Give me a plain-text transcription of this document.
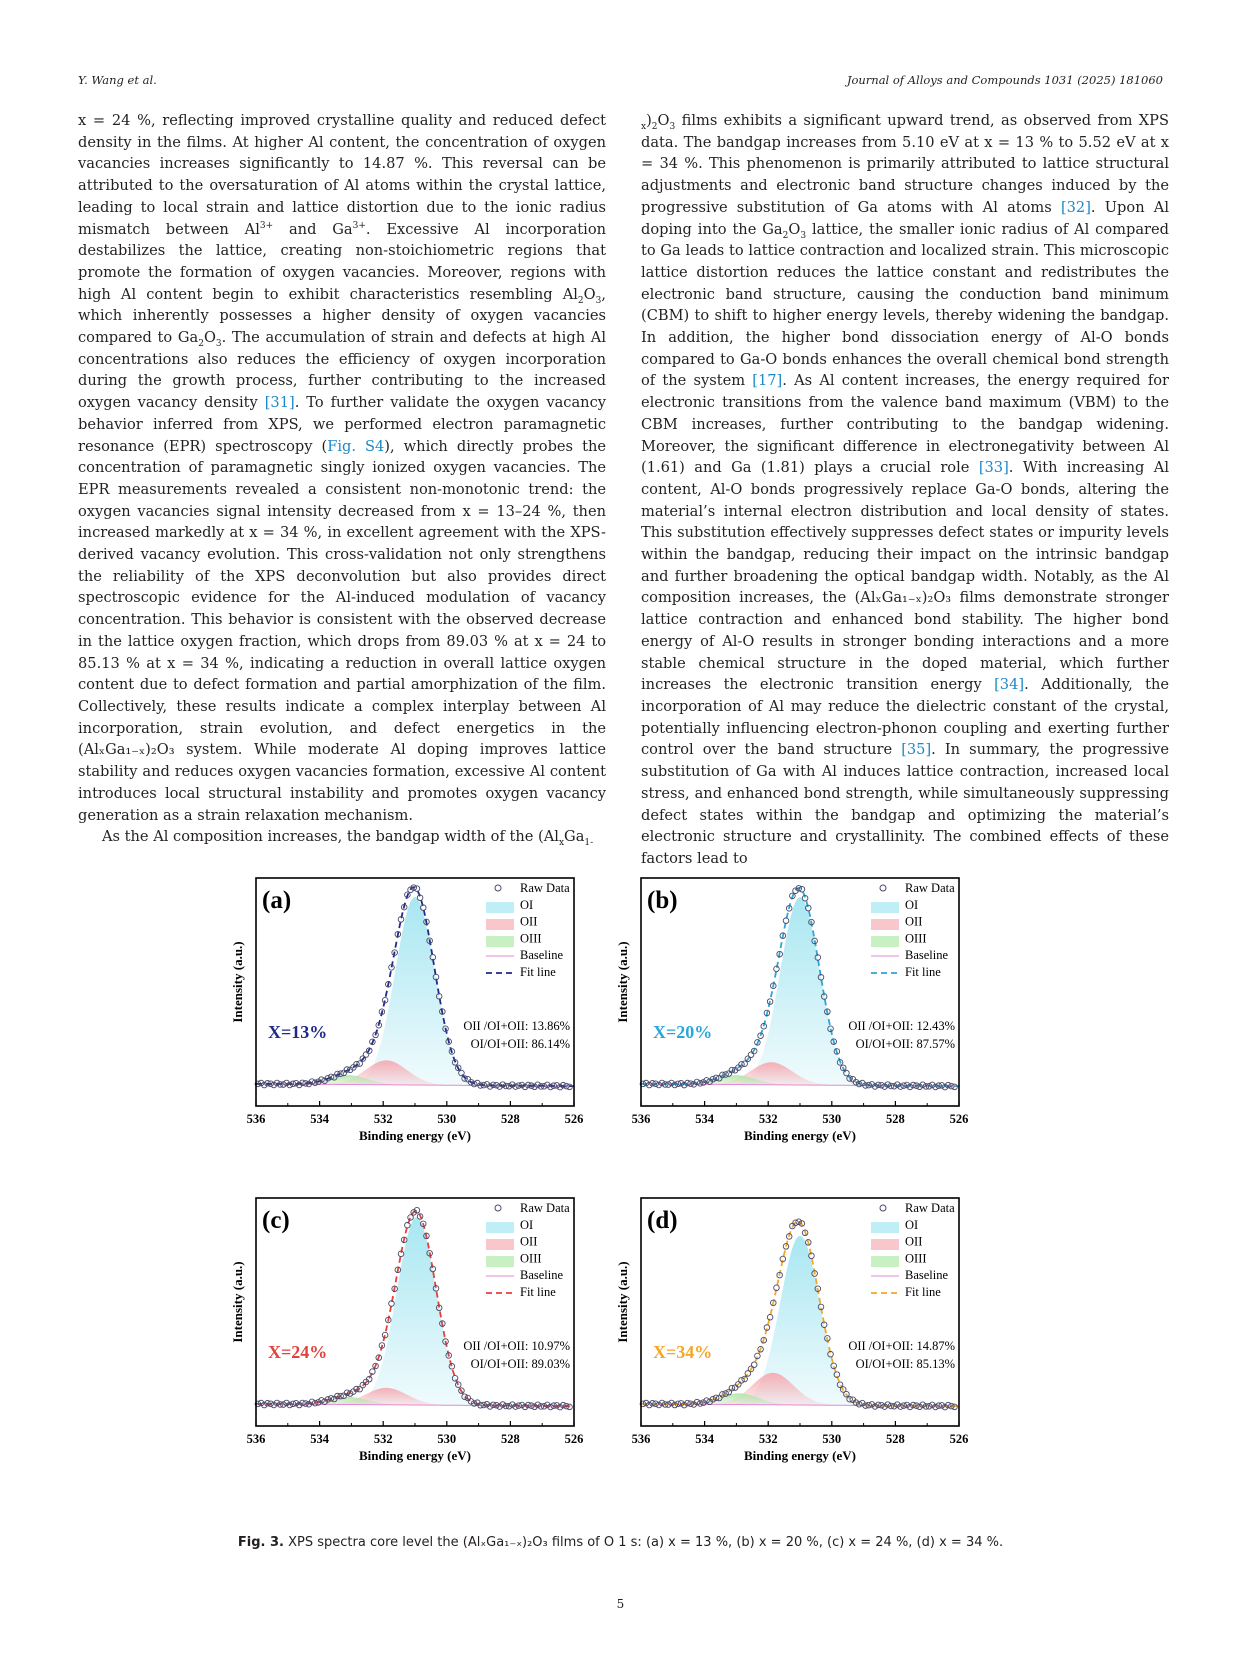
Y. Wang et al.	Journal of Alloys and Compounds 1031 (2025) 181060

x = 24 %, reflecting improved crystalline quality and reduced defect density in the films. At higher Al content, the concentration of oxygen vacancies increases significantly to 14.87 %. This reversal can be attributed to the oversaturation of Al atoms within the crystal lattice, leading to local strain and lattice distortion due to the ionic radius mismatch between $Al^{3+}$ and $Ga^{3+}$. Excessive Al incorporation destabilizes the lattice, creating non-stoichiometric regions that promote the formation of oxygen vacancies. Moreover, regions with high Al content begin to exhibit characteristics resembling $Al_2O_3$, which inherently possesses a higher density of oxygen vacancies compared to $Ga_2O_3$. The accumulation of strain and defects at high Al concentrations also reduces the efficiency of oxygen incorporation during the growth process, further contributing to the increased oxygen vacancy density [31]. To further validate the oxygen vacancy behavior inferred from XPS, we performed electron paramagnetic resonance (EPR) spectroscopy (Fig. S4), which directly probes the concentration of paramagnetic singly ionized oxygen vacancies. The EPR measurements revealed a consistent non-monotonic trend: the oxygen vacancies signal intensity decreased from x = 13–24 %, then increased markedly at x = 34 %, in excellent agreement with the XPS-derived vacancy evolution. This cross-validation not only strengthens the reliability of the XPS deconvolution but also provides direct spectroscopic evidence for the Al-induced modulation of vacancy concentration. This behavior is consistent with the observed decrease in the lattice oxygen fraction, which drops from 89.03 % at x = 24 to 85.13 % at x = 34 %, indicating a reduction in overall lattice oxygen content due to defect formation and partial amorphization of the film. Collectively, these results indicate a complex interplay between Al incorporation, strain evolution, and defect energetics in the (AlₓGa₁₋ₓ)₂O₃ system. While moderate Al doping improves lattice stability and reduces oxygen vacancies formation, excessive Al content introduces local structural instability and promotes oxygen vacancy generation as a strain relaxation mechanism.

As the Al composition increases, the bandgap width of the ($Al_xGa_{1-}$

$_x)_2O_3$ films exhibits a significant upward trend, as observed from XPS data. The bandgap increases from 5.10 eV at x = 13 % to 5.52 eV at x = 34 %. This phenomenon is primarily attributed to lattice structural adjustments and electronic band structure changes induced by the progressive substitution of Ga atoms with Al atoms [32]. Upon Al doping into the $Ga_2O_3$ lattice, the smaller ionic radius of Al compared to Ga leads to lattice contraction and localized strain. This microscopic lattice distortion reduces the lattice constant and redistributes the electronic band structure, causing the conduction band minimum (CBM) to shift to higher energy levels, thereby widening the bandgap. In addition, the higher bond dissociation energy of Al-O bonds compared to Ga-O bonds enhances the overall chemical bond strength of the system [17]. As Al content increases, the energy required for electronic transitions from the valence band maximum (VBM) to the CBM increases, further contributing to the bandgap widening. Moreover, the significant difference in electronegativity between Al (1.61) and Ga (1.81) plays a crucial role [33]. With increasing Al content, Al-O bonds progressively replace Ga-O bonds, altering the material’s internal electron distribution and local density of states. This substitution effectively suppresses defect states or impurity levels within the bandgap, reducing their impact on the intrinsic bandgap and further broadening the optical bandgap width. Notably, as the Al composition increases, the (AlₓGa₁₋ₓ)₂O₃ films demonstrate stronger lattice contraction and enhanced bond stability. The higher bond energy of Al-O results in stronger bonding interactions and a more stable chemical structure in the doped material, which further increases the electronic transition energy [34]. Additionally, the incorporation of Al may reduce the dielectric constant of the crystal, potentially influencing electron-phonon coupling and exerting further control over the band structure [35]. In summary, the progressive substitution of Ga with Al induces lattice contraction, increased local stress, and enhanced bond strength, while simultaneously suppressing defect states within the bandgap and optimizing the material’s electronic structure and crystallinity. The combined effects of these factors lead to

536	534	532	530	528	526
Binding energy (eV)
Intensity (a.u.)
(a)
X=13%	OII /OI+OII: 13.86%
OI/OI+OII: 86.14%
Raw Data
OI
OII
OIII
Baseline
Fit line
536	534	532	530	528	526
Binding energy (eV)
Intensity (a.u.)
(b)
X=20%	OII /OI+OII: 12.43%
OI/OI+OII: 87.57%
Raw Data
OI
OII
OIII
Baseline
Fit line
536	534	532	530	528	526
Binding energy (eV)
Intensity (a.u.)
(c)
X=24%	OII /OI+OII: 10.97%
OI/OI+OII: 89.03%
Raw Data
OI
OII
OIII
Baseline
Fit line
536	534	532	530	528	526
Binding energy (eV)
Intensity (a.u.)
(d)
X=34%	OII /OI+OII: 14.87%
OI/OI+OII: 85.13%
Raw Data
OI
OII
OIII
Baseline
Fit line
Fig. 3. XPS spectra core level the (AlₓGa₁₋ₓ)₂O₃ films of O 1 s: (a) x = 13 %, (b) x = 20 %, (c) x = 24 %, (d) x = 34 %.
5
